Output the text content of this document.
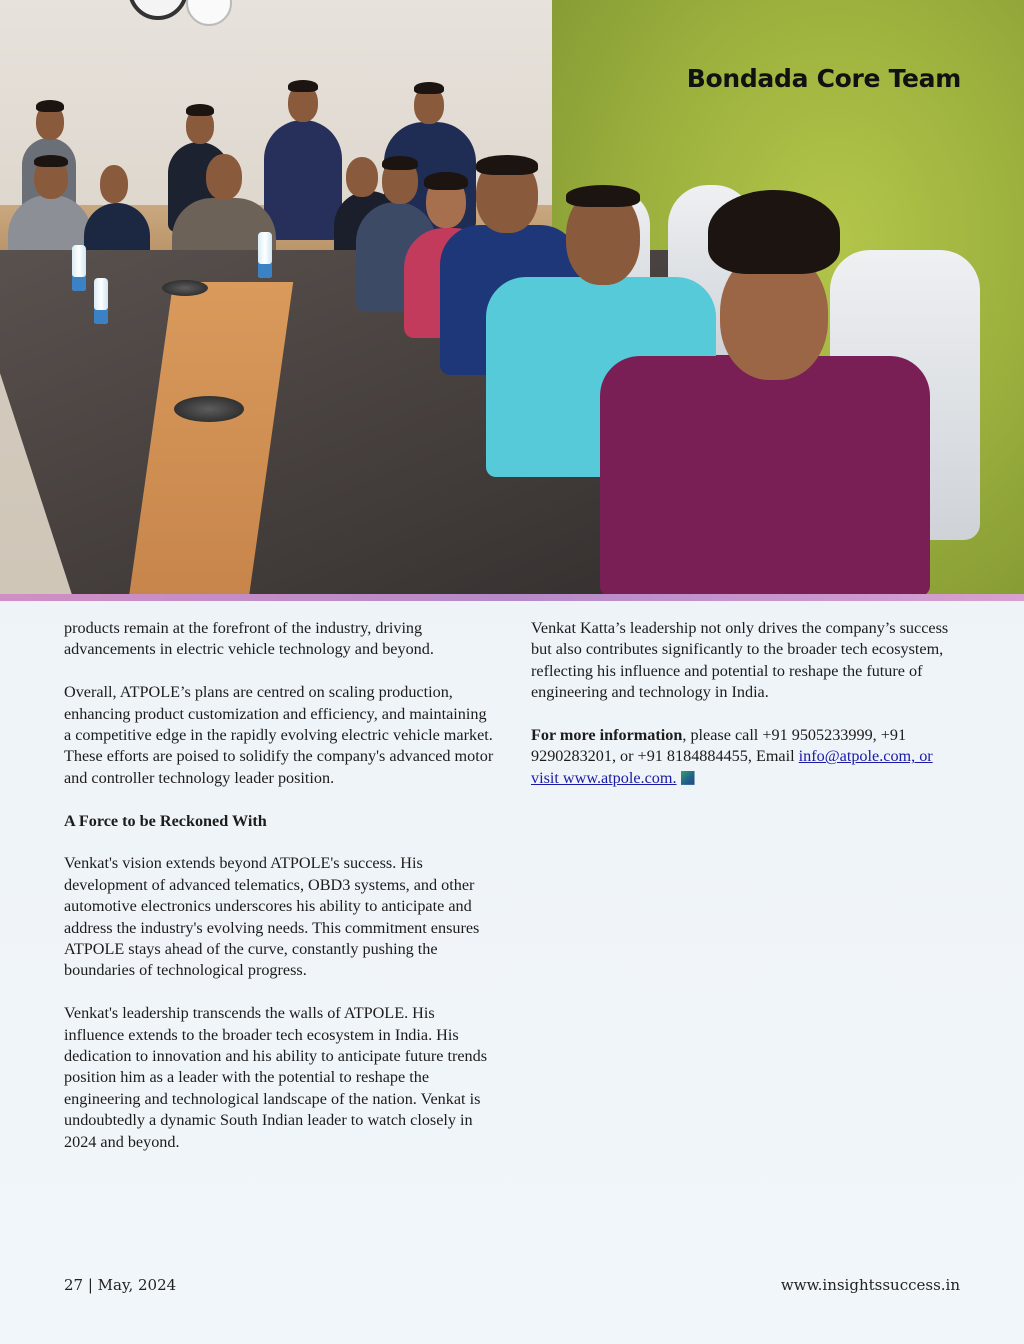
Bondada Core Team

products remain at the forefront of the industry, driving advancements in electric vehicle technology and beyond.

Overall, ATPOLE’s plans are centred on scaling production, enhancing product customization and efficiency, and maintaining a competitive edge in the rapidly evolving electric vehicle market. These efforts are poised to solidify the company's advanced motor and controller technology leader position.

A Force to be Reckoned With

Venkat's vision extends beyond ATPOLE's success. His development of advanced telematics, OBD3 systems, and other automotive electronics underscores his ability to anticipate and address the industry's evolving needs. This commitment ensures ATPOLE stays ahead of the curve, constantly pushing the boundaries of technological progress.

Venkat's leadership transcends the walls of ATPOLE. His influence extends to the broader tech ecosystem in India. His dedication to innovation and his ability to anticipate future trends position him as a leader with the potential to reshape the engineering and technological landscape of the nation. Venkat is undoubtedly a dynamic South Indian leader to watch closely in 2024 and beyond.

Venkat Katta’s leadership not only drives the company’s success but also contributes significantly to the broader tech ecosystem, reflecting his influence and potential to reshape the future of engineering and technology in India.

For more information, please call +91 9505233999, +91 9290283201, or +91 8184884455, Email info@atpole.com, or visit www.atpole.com.

27 | May, 2024	www.insightssuccess.in
